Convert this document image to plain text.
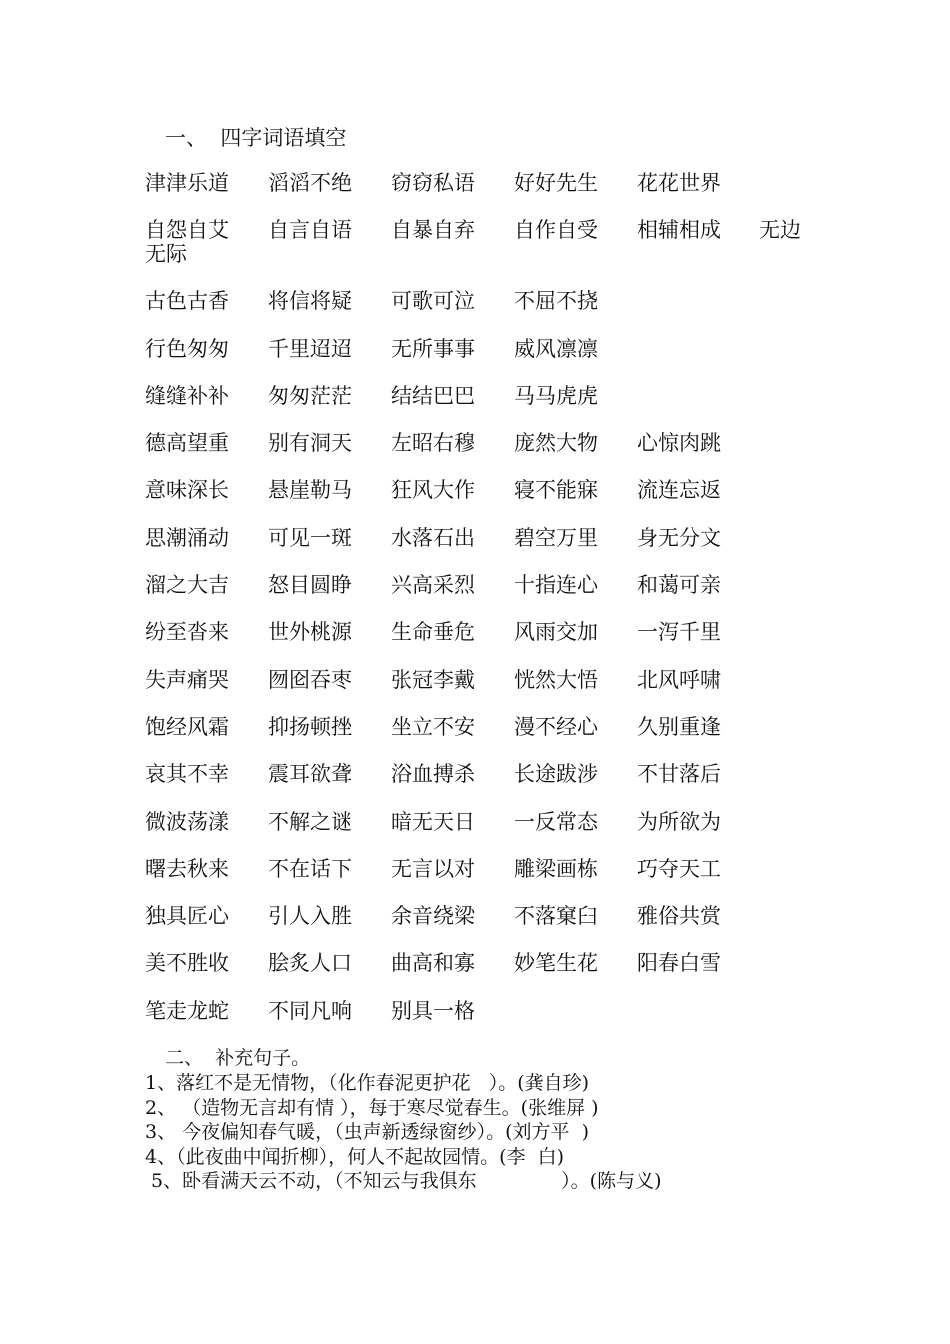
一、  四字词语填空
津津乐道 滔滔不绝 窃窃私语 好好先生 花花世界
自怨自艾 自言自语 自暴自弃 自作自受 相辅相成 无边
无际
古色古香 将信将疑 可歌可泣 不屈不挠
行色匆匆 千里迢迢 无所事事 威风凛凛
缝缝补补 匆匆茫茫 结结巴巴 马马虎虎
德高望重 别有洞天 左昭右穆 庞然大物 心惊肉跳
意味深长 悬崖勒马 狂风大作 寝不能寐 流连忘返
思潮涌动 可见一斑 水落石出 碧空万里 身无分文
溜之大吉 怒目圆睁 兴高采烈 十指连心 和蔼可亲
纷至沓来 世外桃源 生命垂危 风雨交加 一泻千里
失声痛哭 囫囵吞枣 张冠李戴 恍然大悟 北风呼啸
饱经风霜 抑扬顿挫 坐立不安 漫不经心 久别重逢
哀其不幸 震耳欲聋 浴血搏杀 长途跋涉 不甘落后
微波荡漾 不解之谜 暗无天日 一反常态 为所欲为
曙去秋来 不在话下 无言以对 雕梁画栋 巧夺天工
独具匠心 引人入胜 余音绕梁 不落窠臼 雅俗共赏
美不胜收 脍炙人口 曲高和寡 妙笔生花 阳春白雪
笔走龙蛇 不同凡响 别具一格
二、  补充句子。
1、落红不是无情物，（化作春泥更护花   ）。(龚自珍)
2、 （造物无言却有情 ），每于寒尽觉春生。(张维屏 )
3、 今夜偏知春气暖，（虫声新透绿窗纱）。(刘方平  )
4、（此夜曲中闻折柳），何人不起故园情。(李  白)
5、卧看满天云不动，（不知云与我俱东              ）。(陈与义)
